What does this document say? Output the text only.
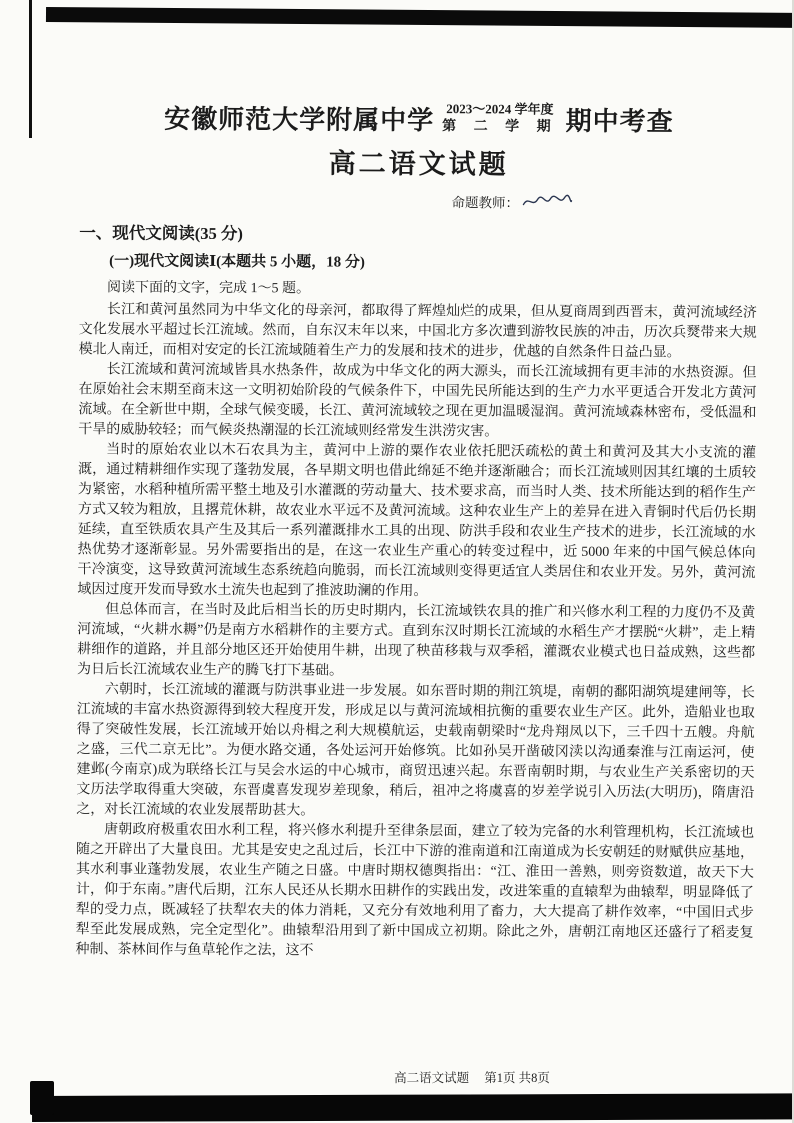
安徽师范大学附属中学 2023～2024 学年度
第 二 学 期 期中考查
高二语文试题
命题教师：
一、现代文阅读(35 分)
(一)现代文阅读Ⅰ(本题共 5 小题，18 分)
阅读下面的文字，完成 1～5 题。

长江和黄河虽然同为中华文化的母亲河，都取得了辉煌灿烂的成果，但从夏商周到西晋末，黄河流域经济文化发展水平超过长江流域。然而，自东汉末年以来，中国北方多次遭到游牧民族的冲击，历次兵燹带来大规模北人南迁，而相对安定的长江流域随着生产力的发展和技术的进步，优越的自然条件日益凸显。

长江流域和黄河流域皆具水热条件，故成为中华文化的两大源头，而长江流域拥有更丰沛的水热资源。但在原始社会末期至商末这一文明初始阶段的气候条件下，中国先民所能达到的生产力水平更适合开发北方黄河流域。在全新世中期，全球气候变暖，长江、黄河流域较之现在更加温暖湿润。黄河流域森林密布，受低温和干旱的威胁较轻；而气候炎热潮湿的长江流域则经常发生洪涝灾害。

当时的原始农业以木石农具为主，黄河中上游的粟作农业依托肥沃疏松的黄土和黄河及其大小支流的灌溉，通过精耕细作实现了蓬勃发展，各早期文明也借此绵延不绝并逐渐融合；而长江流域则因其红壤的土质较为紧密，水稻种植所需平整土地及引水灌溉的劳动量大、技术要求高，而当时人类、技术所能达到的稻作生产方式又较为粗放，且撂荒休耕，故农业水平远不及黄河流域。这种农业生产上的差异在进入青铜时代后仍长期延续，直至铁质农具产生及其后一系列灌溉排水工具的出现、防洪手段和农业生产技术的进步，长江流域的水热优势才逐渐彰显。另外需要指出的是，在这一农业生产重心的转变过程中，近 5000 年来的中国气候总体向干冷演变，这导致黄河流域生态系统趋向脆弱，而长江流域则变得更适宜人类居住和农业开发。另外，黄河流域因过度开发而导致水土流失也起到了推波助澜的作用。

但总体而言，在当时及此后相当长的历史时期内，长江流域铁农具的推广和兴修水利工程的力度仍不及黄河流域，“火耕水耨”仍是南方水稻耕作的主要方式。直到东汉时期长江流域的水稻生产才摆脱“火耕”，走上精耕细作的道路，并且部分地区还开始使用牛耕，出现了秧苗移栽与双季稻，灌溉农业模式也日益成熟，这些都为日后长江流域农业生产的腾飞打下基础。

六朝时，长江流域的灌溉与防洪事业进一步发展。如东晋时期的荆江筑堤，南朝的鄱阳湖筑堤建闸等，长江流域的丰富水热资源得到较大程度开发，形成足以与黄河流域相抗衡的重要农业生产区。此外，造船业也取得了突破性发展，长江流域开始以舟楫之利大规模航运，史载南朝梁时“龙舟翔凤以下，三千四十五艘。舟航之盛，三代二京无比”。为便水路交通，各处运河开始修筑。比如孙吴开凿破冈渎以沟通秦淮与江南运河，使建邺(今南京)成为联络长江与吴会水运的中心城市，商贸迅速兴起。东晋南朝时期，与农业生产关系密切的天文历法学取得重大突破，东晋虞喜发现岁差现象，稍后，祖冲之将虞喜的岁差学说引入历法(大明历)，隋唐沿之，对长江流域的农业发展帮助甚大。

唐朝政府极重农田水利工程，将兴修水利提升至律条层面，建立了较为完备的水利管理机构，长江流域也随之开辟出了大量良田。尤其是安史之乱过后，长江中下游的淮南道和江南道成为长安朝廷的财赋供应基地，其水利事业蓬勃发展，农业生产随之日盛。中唐时期权德舆指出：“江、淮田一善熟，则旁资数道，故天下大计，仰于东南。”唐代后期，江东人民还从长期水田耕作的实践出发，改进笨重的直辕犁为曲辕犁，明显降低了犁的受力点，既减轻了扶犁农夫的体力消耗，又充分有效地利用了畜力，大大提高了耕作效率，“中国旧式步犁至此发展成熟，完全定型化”。曲辕犁沿用到了新中国成立初期。除此之外，唐朝江南地区还盛行了稻麦复种制、茶林间作与鱼草轮作之法，这不

高二语文试题 第1页 共8页
